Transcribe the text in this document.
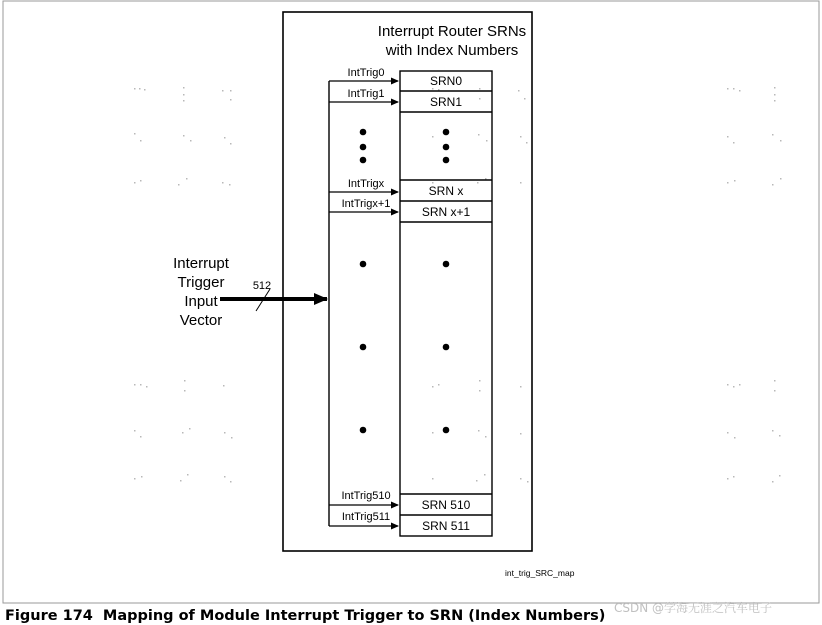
Interrupt Router SRNs
with Index Numbers
SRN0
IntTrig0
SRN1
IntTrig1
SRN x
IntTrigx
SRN x+1
IntTrigx+1
SRN 510
IntTrig510
SRN 511
IntTrig511
Interrupt
Trigger
Input
Vector
512
int_trig_SRC_map
Figure 174 Mapping of Module Interrupt Trigger to SRN (Index Numbers) CSDN @学海无涯之汽车电子
